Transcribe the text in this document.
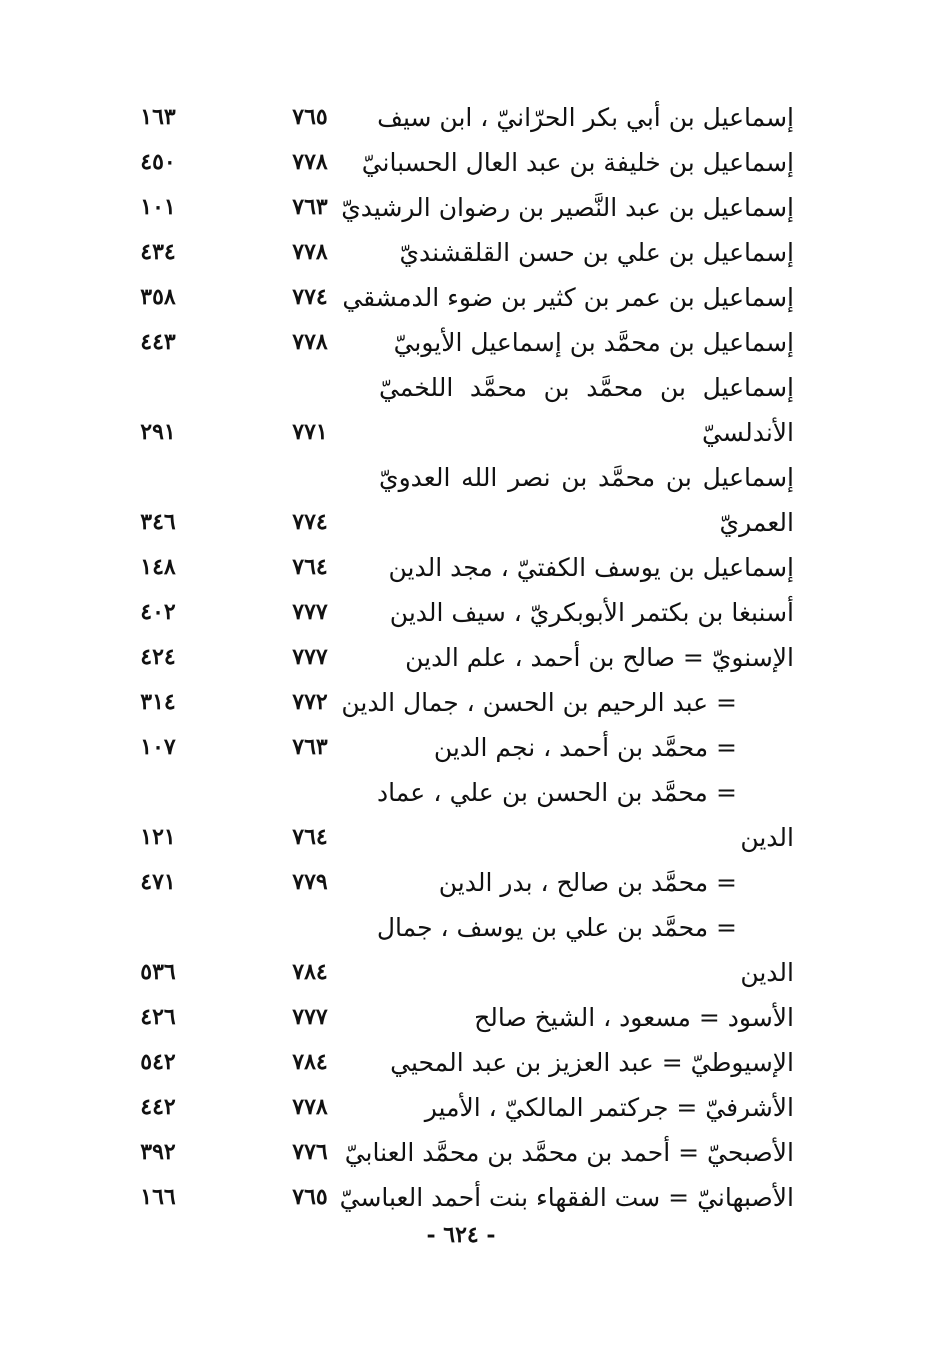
إسماعيل بن أبي بكر الحرّانيّ ، ابن سيف
٧٦٥
١٦٣
إسماعيل بن خليفة بن عبد العال الحسبانيّ
٧٧٨
٤٥٠
إسماعيل بن عبد النَّصير بن رضوان الرشيديّ
٧٦٣
١٠١
إسماعيل بن علي بن حسن القلقشنديّ
٧٧٨
٤٣٤
إسماعيل بن عمر بن كثير بن ضوء الدمشقي
٧٧٤
٣٥٨
إسماعيل بن محمَّد بن إسماعيل الأيوبيّ
٧٧٨
٤٤٣
إسماعيل بن محمَّد بن محمَّد اللخميّ
الأندلسيّ
٧٧١
٢٩١
إسماعيل بن محمَّد بن نصر الله العدويّ
العمريّ
٧٧٤
٣٤٦
إسماعيل بن يوسف الكفتيّ ، مجد الدين
٧٦٤
١٤٨
أسنبغا بن بكتمر الأبوبكريّ ، سيف الدين
٧٧٧
٤٠٢
الإسنويّ = صالح بن أحمد ، علم الدين
٧٧٧
٤٢٤
= عبد الرحيم بن الحسن ، جمال الدين
٧٧٢
٣١٤
= محمَّد بن أحمد ، نجم الدين
٧٦٣
١٠٧
= محمَّد بن الحسن بن علي ، عماد
الدين
٧٦٤
١٢١
= محمَّد بن صالح ، بدر الدين
٧٧٩
٤٧١
= محمَّد بن علي بن يوسف ، جمال
الدين
٧٨٤
٥٣٦
الأسود = مسعود ، الشيخ صالح
٧٧٧
٤٢٦
الإسيوطيّ = عبد العزيز بن عبد المحيي
٧٨٤
٥٤٢
الأشرفيّ = جركتمر المالكيّ ، الأمير
٧٧٨
٤٤٢
الأصبحيّ = أحمد بن محمَّد بن محمَّد العنابيّ
٧٧٦
٣٩٢
الأصبهانيّ = ست الفقهاء بنت أحمد العباسيّ
٧٦٥
١٦٦
- ٦٢٤ -
